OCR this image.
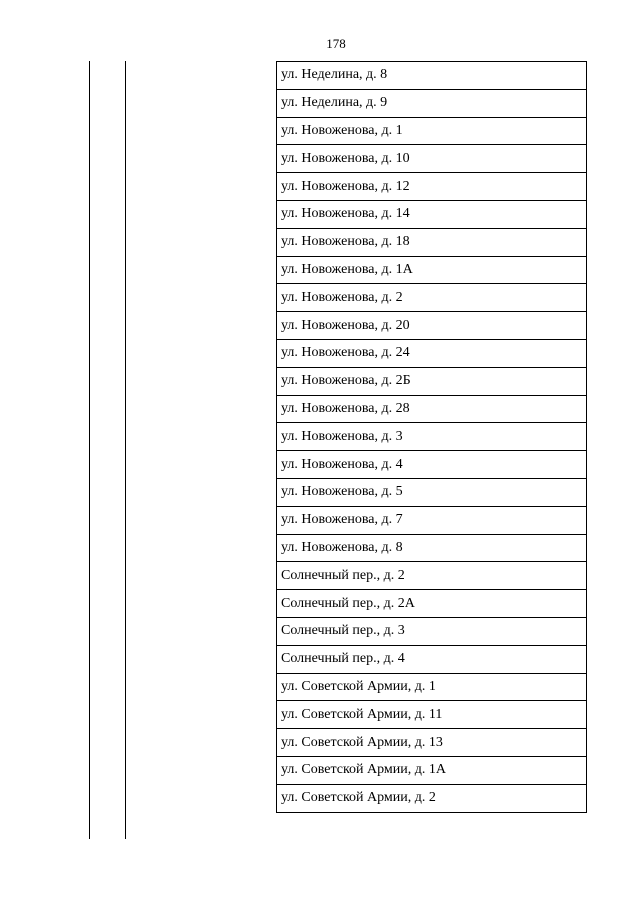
178
ул. Неделина, д. 8
ул. Неделина, д. 9
ул. Новоженова, д. 1
ул. Новоженова, д. 10
ул. Новоженова, д. 12
ул. Новоженова, д. 14
ул. Новоженова, д. 18
ул. Новоженова, д. 1А
ул. Новоженова, д. 2
ул. Новоженова, д. 20
ул. Новоженова, д. 24
ул. Новоженова, д. 2Б
ул. Новоженова, д. 28
ул. Новоженова, д. 3
ул. Новоженова, д. 4
ул. Новоженова, д. 5
ул. Новоженова, д. 7
ул. Новоженова, д. 8
Солнечный пер., д. 2
Солнечный пер., д. 2А
Солнечный пер., д. 3
Солнечный пер., д. 4
ул. Советской Армии, д. 1
ул. Советской Армии, д. 11
ул. Советской Армии, д. 13
ул. Советской Армии, д. 1А
ул. Советской Армии, д. 2
